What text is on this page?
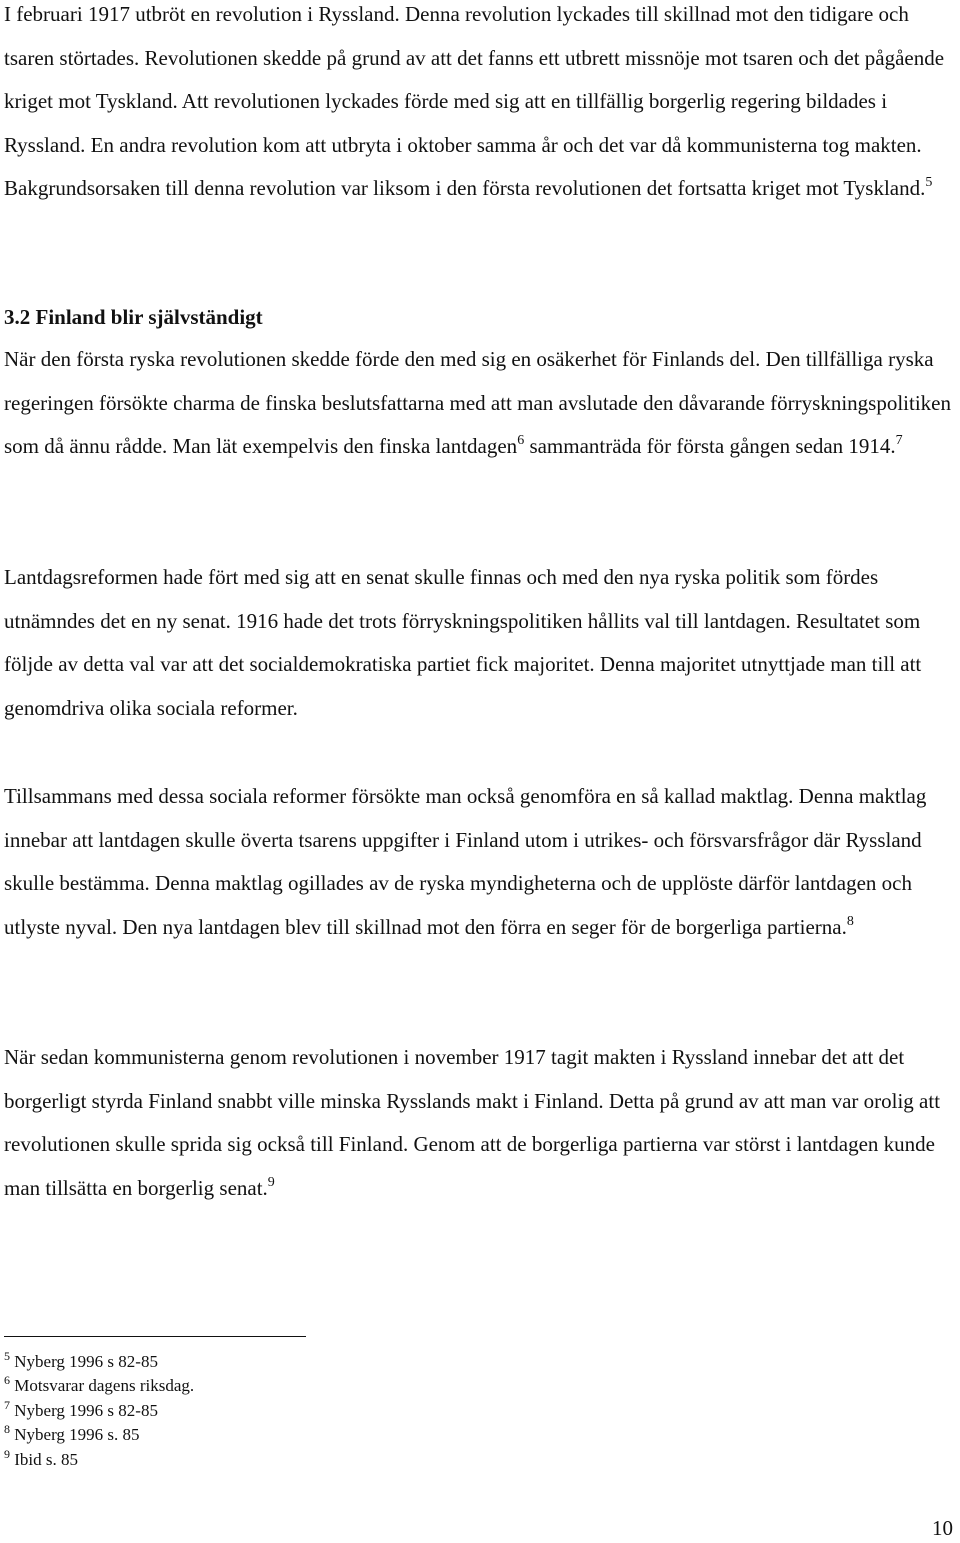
I februari 1917 utbröt en revolution i Ryssland. Denna revolution lyckades till skillnad mot den tidigare och tsaren störtades. Revolutionen skedde på grund av att det fanns ett utbrett missnöje mot tsaren och det pågående kriget mot Tyskland. Att revolutionen lyckades förde med sig att en tillfällig borgerlig regering bildades i Ryssland. En andra revolution kom att utbryta i oktober samma år och det var då kommunisterna tog makten. Bakgrundsorsaken till denna revolution var liksom i den första revolutionen det fortsatta kriget mot Tyskland.$^5$

3.2 Finland blir självständigt

När den första ryska revolutionen skedde förde den med sig en osäkerhet för Finlands del. Den tillfälliga ryska regeringen försökte charma de finska beslutsfattarna med att man avslutade den dåvarande förryskningspolitiken som då ännu rådde. Man lät exempelvis den finska lantdagen$^6$ sammanträda för första gången sedan 1914.$^7$

Lantdagsreformen hade fört med sig att en senat skulle finnas och med den nya ryska politik som fördes utnämndes det en ny senat. 1916 hade det trots förryskningspolitiken hållits val till lantdagen. Resultatet som följde av detta val var att det socialdemokratiska partiet fick majoritet. Denna majoritet utnyttjade man till att genomdriva olika sociala reformer.

Tillsammans med dessa sociala reformer försökte man också genomföra en så kallad maktlag. Denna maktlag innebar att lantdagen skulle överta tsarens uppgifter i Finland utom i utrikes- och försvarsfrågor där Ryssland skulle bestämma. Denna maktlag ogillades av de ryska myndigheterna och de upplöste därför lantdagen och utlyste nyval. Den nya lantdagen blev till skillnad mot den förra en seger för de borgerliga partierna.$^8$

När sedan kommunisterna genom revolutionen i november 1917 tagit makten i Ryssland innebar det att det borgerligt styrda Finland snabbt ville minska Rysslands makt i Finland. Detta på grund av att man var orolig att revolutionen skulle sprida sig också till Finland. Genom att de borgerliga partierna var störst i lantdagen kunde man tillsätta en borgerlig senat.$^9$

$^5$ Nyberg 1996 s 82-85
$^6$ Motsvarar dagens riksdag.
$^7$ Nyberg 1996 s 82-85
$^8$ Nyberg 1996 s. 85
$^9$ Ibid s. 85
10
